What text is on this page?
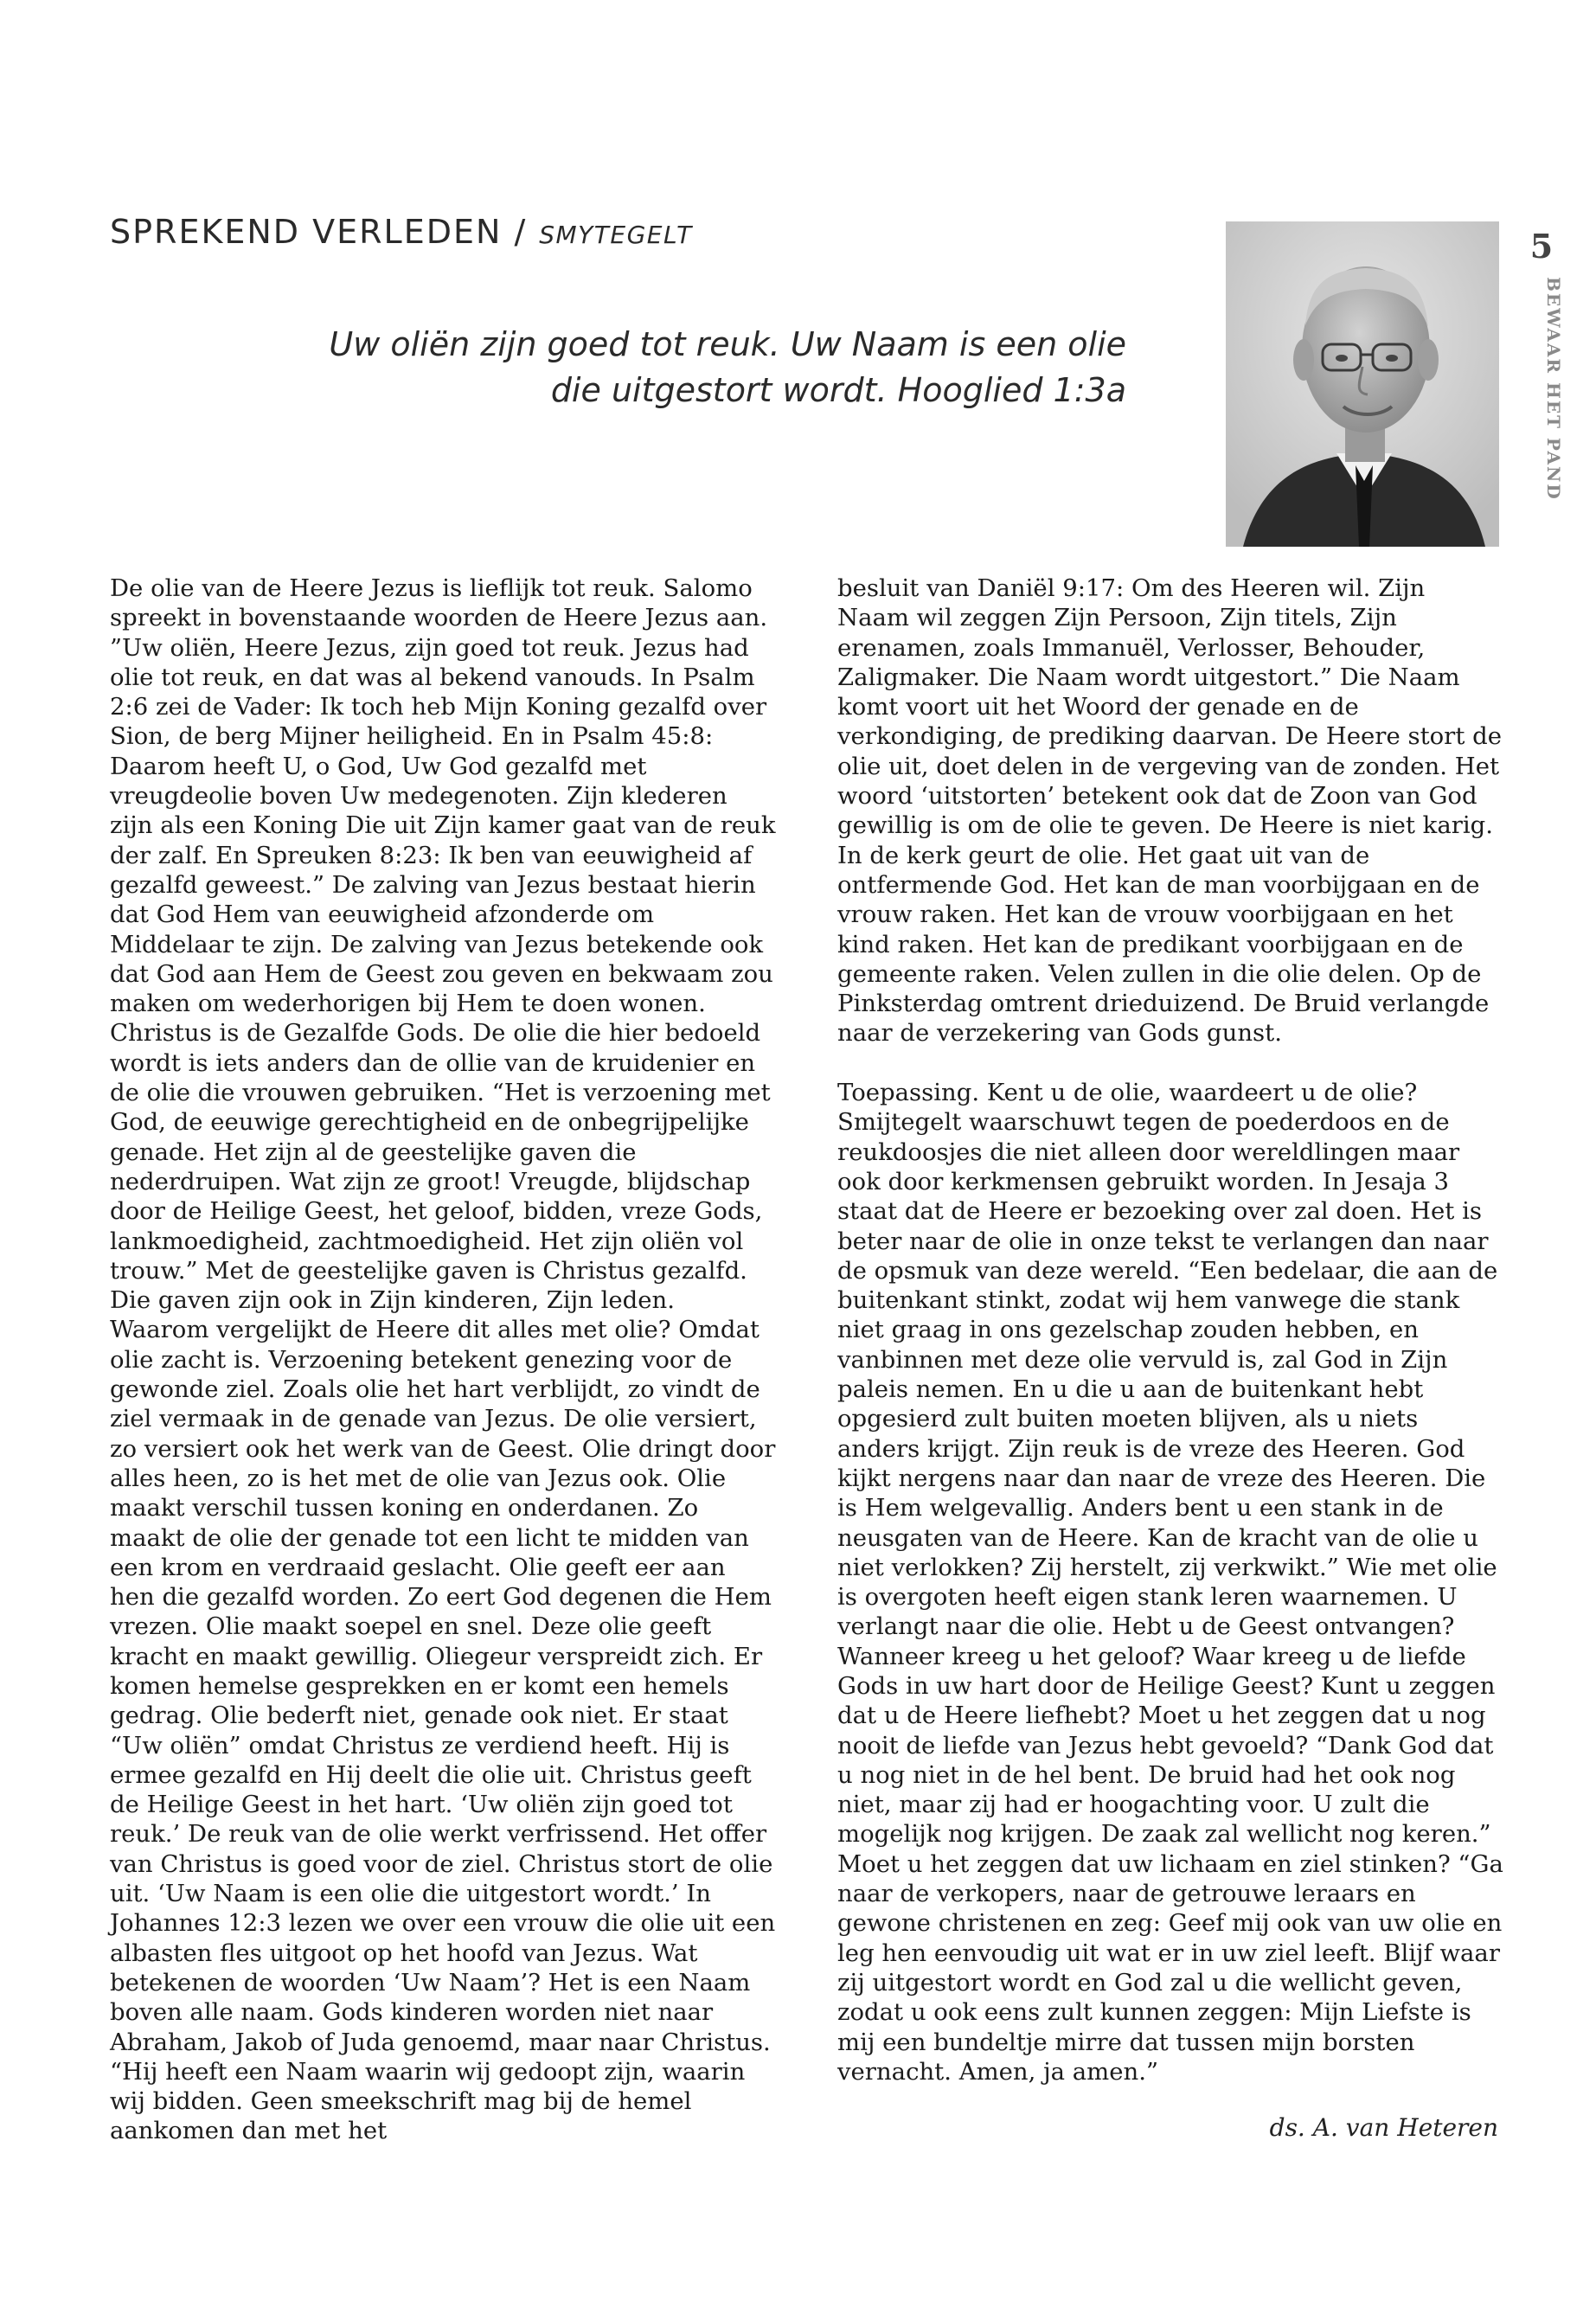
SPREKEND VERLEDEN / SMYTEGELT	5
BEWAAR HET PAND
Uw oliën zijn goed tot reuk. Uw Naam is een olie
die uitgestort wordt. Hooglied 1:3a

De olie van de Heere Jezus is lieflijk tot reuk. Salomo spreekt in bovenstaande woorden de Heere Jezus aan. ”Uw oliën, Heere Jezus, zijn goed tot reuk. Jezus had olie tot reuk, en dat was al bekend vanouds. In Psalm 2:6 zei de Vader: Ik toch heb Mijn Koning gezalfd over Sion, de berg Mijner heiligheid. En in Psalm 45:8: Daarom heeft U, o God, Uw God gezalfd met vreugdeolie boven Uw medegenoten. Zijn klederen zijn als een Koning Die uit Zijn kamer gaat van de reuk der zalf. En Spreuken 8:23: Ik ben van eeuwigheid af gezalfd geweest.” De zalving van Jezus bestaat hierin dat God Hem van eeuwigheid afzonderde om Middelaar te zijn. De zalving van Jezus betekende ook dat God aan Hem de Geest zou geven en bekwaam zou maken om wederhorigen bij Hem te doen wonen. Christus is de Gezalfde Gods. De olie die hier bedoeld wordt is iets anders dan de ollie van de kruidenier en de olie die vrouwen gebruiken. “Het is verzoening met God, de eeuwige gerechtigheid en de onbegrijpelijke genade. Het zijn al de geestelijke gaven die nederdruipen. Wat zijn ze groot! Vreugde, blijdschap door de Heilige Geest, het geloof, bidden, vreze Gods, lankmoedigheid, zachtmoedigheid. Het zijn oliën vol trouw.” Met de geestelijke gaven is Christus gezalfd. Die gaven zijn ook in Zijn kinderen, Zijn leden. Waarom vergelijkt de Heere dit alles met olie? Omdat olie zacht is. Verzoening betekent genezing voor de gewonde ziel. Zoals olie het hart verblijdt, zo vindt de ziel vermaak in de genade van Jezus. De olie versiert, zo versiert ook het werk van de Geest. Olie dringt door alles heen, zo is het met de olie van Jezus ook. Olie maakt verschil tussen koning en onderdanen. Zo maakt de olie der genade tot een licht te midden van een krom en verdraaid geslacht. Olie geeft eer aan hen die gezalfd worden. Zo eert God degenen die Hem vrezen. Olie maakt soepel en snel. Deze olie geeft kracht en maakt gewillig. Oliegeur verspreidt zich. Er komen hemelse gesprekken en er komt een hemels gedrag. Olie bederft niet, genade ook niet. Er staat “Uw oliën” omdat Christus ze verdiend heeft. Hij is ermee gezalfd en Hij deelt die olie uit. Christus geeft de Heilige Geest in het hart. ‘Uw oliën zijn goed tot reuk.’ De reuk van de olie werkt verfrissend. Het offer van Christus is goed voor de ziel. Christus stort de olie uit. ‘Uw Naam is een olie die uitgestort wordt.’ In Johannes 12:3 lezen we over een vrouw die olie uit een albasten fles uitgoot op het hoofd van Jezus. Wat betekenen de woorden ‘Uw Naam’? Het is een Naam boven alle naam. Gods kinderen worden niet naar Abraham, Jakob of Juda genoemd, maar naar Christus. “Hij heeft een Naam waarin wij gedoopt zijn, waarin wij bidden. Geen smeekschrift mag bij de hemel aankomen dan met het

besluit van Daniël 9:17: Om des Heeren wil. Zijn Naam wil zeggen Zijn Persoon, Zijn titels, Zijn erenamen, zoals Immanuël, Verlosser, Behouder, Zaligmaker. Die Naam wordt uitgestort.” Die Naam komt voort uit het Woord der genade en de verkondiging, de prediking daarvan. De Heere stort de olie uit, doet delen in de vergeving van de zonden. Het woord ‘uitstorten’ betekent ook dat de Zoon van God gewillig is om de olie te geven. De Heere is niet karig. In de kerk geurt de olie. Het gaat uit van de ontfermende God. Het kan de man voorbijgaan en de vrouw raken. Het kan de vrouw voorbijgaan en het kind raken. Het kan de predikant voorbijgaan en de gemeente raken. Velen zullen in die olie delen. Op de Pinksterdag omtrent drieduizend. De Bruid verlangde naar de verzekering van Gods gunst.

Toepassing. Kent u de olie, waardeert u de olie? Smijtegelt waarschuwt tegen de poederdoos en de reukdoosjes die niet alleen door wereldlingen maar ook door kerkmensen gebruikt worden. In Jesaja 3 staat dat de Heere er bezoeking over zal doen. Het is beter naar de olie in onze tekst te verlangen dan naar de opsmuk van deze wereld. “Een bedelaar, die aan de buitenkant stinkt, zodat wij hem vanwege die stank niet graag in ons gezelschap zouden hebben, en vanbinnen met deze olie vervuld is, zal God in Zijn paleis nemen. En u die u aan de buitenkant hebt opgesierd zult buiten moeten blijven, als u niets anders krijgt. Zijn reuk is de vreze des Heeren. God kijkt nergens naar dan naar de vreze des Heeren. Die is Hem welgevallig. Anders bent u een stank in de neusgaten van de Heere. Kan de kracht van de olie u niet verlokken? Zij herstelt, zij verkwikt.” Wie met olie is overgoten heeft eigen stank leren waarnemen. U verlangt naar die olie. Hebt u de Geest ontvangen? Wanneer kreeg u het geloof? Waar kreeg u de liefde Gods in uw hart door de Heilige Geest? Kunt u zeggen dat u de Heere liefhebt? Moet u het zeggen dat u nog nooit de liefde van Jezus hebt gevoeld? “Dank God dat u nog niet in de hel bent. De bruid had het ook nog niet, maar zij had er hoogachting voor. U zult die mogelijk nog krijgen. De zaak zal wellicht nog keren.” Moet u het zeggen dat uw lichaam en ziel stinken? “Ga naar de verkopers, naar de getrouwe leraars en gewone christenen en zeg: Geef mij ook van uw olie en leg hen eenvoudig uit wat er in uw ziel leeft. Blijf waar zij uitgestort wordt en God zal u die wellicht geven, zodat u ook eens zult kunnen zeggen: Mijn Liefste is mij een bundeltje mirre dat tussen mijn borsten vernacht. Amen, ja amen.”

ds. A. van Heteren
